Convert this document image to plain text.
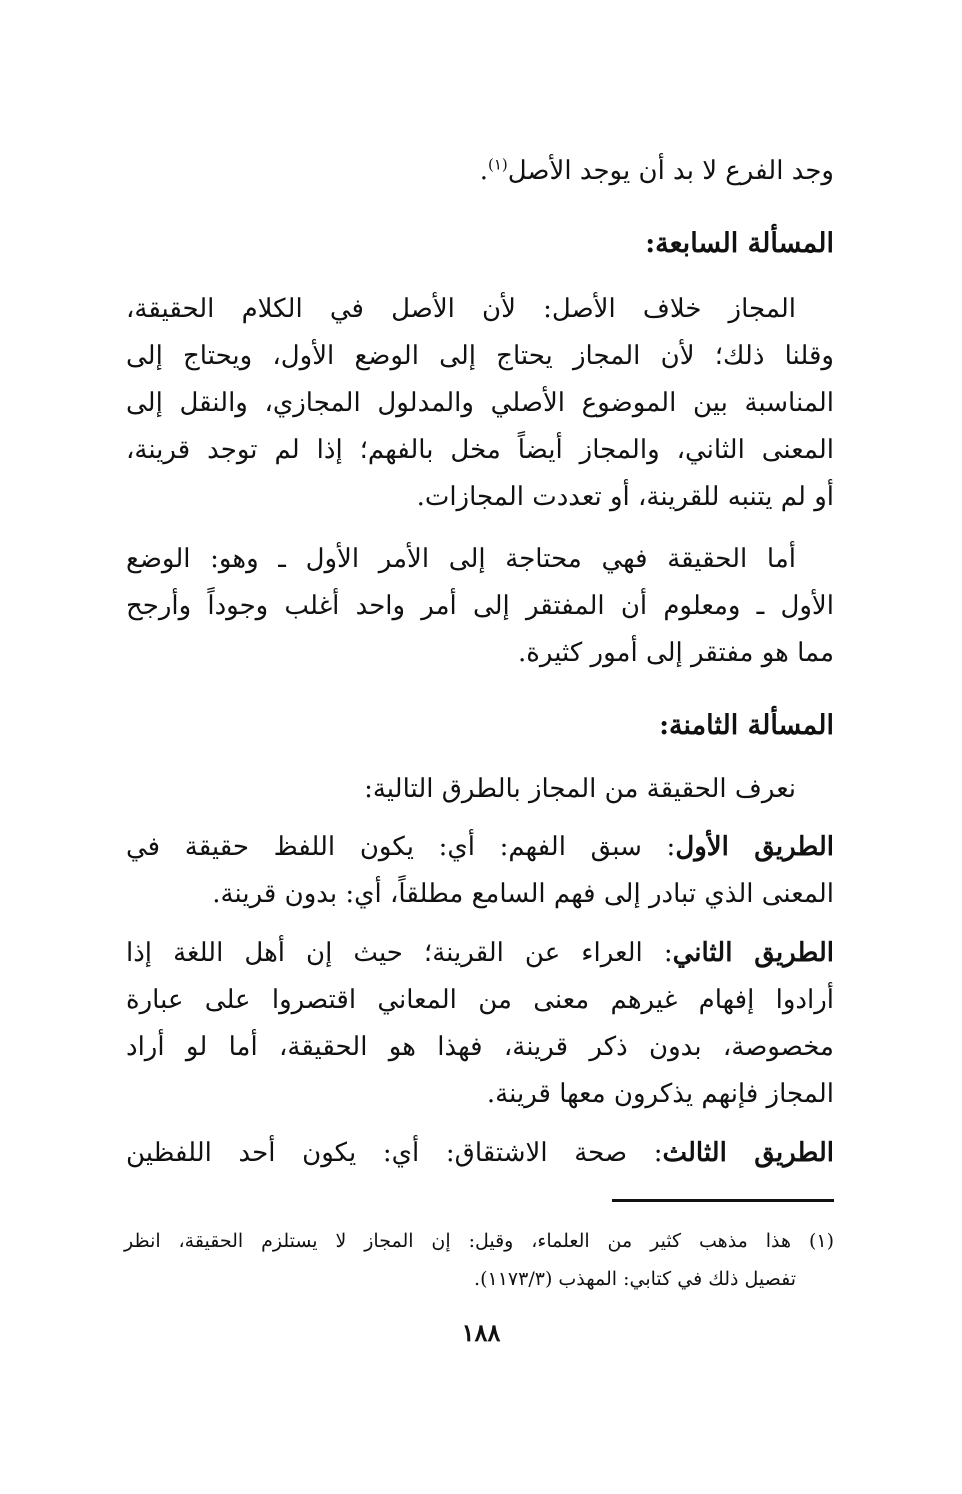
وجد الفرع لا بد أن يوجد الأصل$^{(١)}$.
المسألة السابعة:
المجاز خلاف الأصل: لأن الأصل في الكلام الحقيقة،
وقلنا ذلك؛ لأن المجاز يحتاج إلى الوضع الأول، ويحتاج إلى
المناسبة بين الموضوع الأصلي والمدلول المجازي، والنقل إلى
المعنى الثاني، والمجاز أيضاً مخل بالفهم؛ إذا لم توجد قرينة،
أو لم يتنبه للقرينة، أو تعددت المجازات.
أما الحقيقة فهي محتاجة إلى الأمر الأول ـ وهو: الوضع
الأول ـ ومعلوم أن المفتقر إلى أمر واحد أغلب وجوداً وأرجح
مما هو مفتقر إلى أمور كثيرة.
المسألة الثامنة:
نعرف الحقيقة من المجاز بالطرق التالية:
الطريق الأول: سبق الفهم: أي: يكون اللفظ حقيقة في
المعنى الذي تبادر إلى فهم السامع مطلقاً، أي: بدون قرينة.
الطريق الثاني: العراء عن القرينة؛ حيث إن أهل اللغة إذا
أرادوا إفهام غيرهم معنى من المعاني اقتصروا على عبارة
مخصوصة، بدون ذكر قرينة، فهذا هو الحقيقة، أما لو أراد
المجاز فإنهم يذكرون معها قرينة.
الطريق الثالث: صحة الاشتقاق: أي: يكون أحد اللفظين
(١) هذا مذهب كثير من العلماء، وقيل: إن المجاز لا يستلزم الحقيقة، انظر
تفصيل ذلك في كتابي: المهذب (١١٧٣/٣).
١٨٨
